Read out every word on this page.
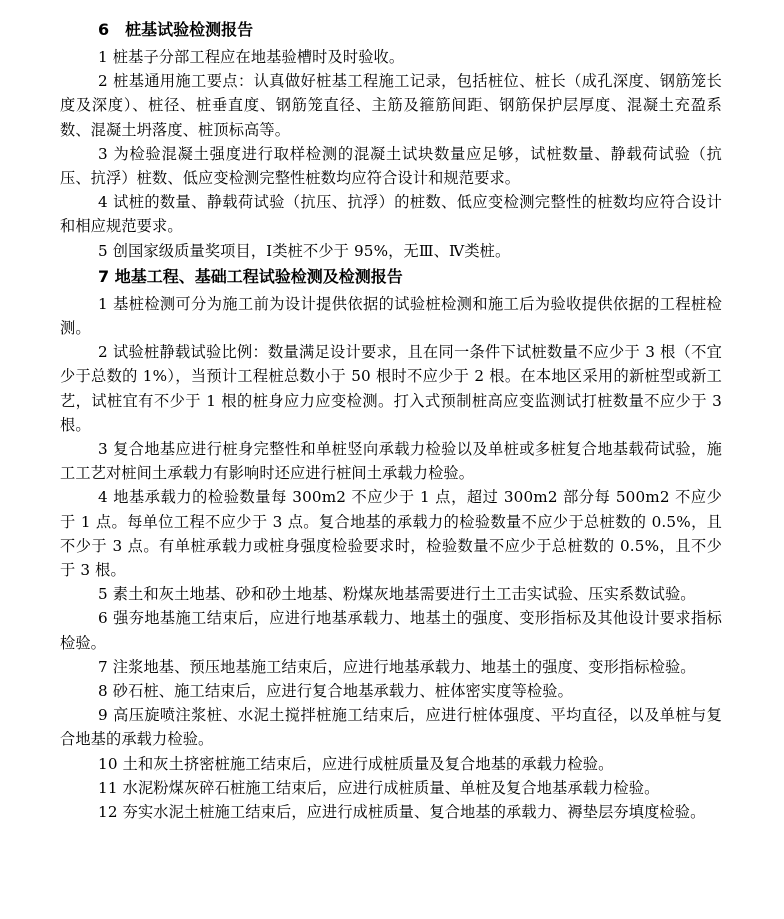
6　桩基试验检测报告

1 桩基子分部工程应在地基验槽时及时验收。

2 桩基通用施工要点：认真做好桩基工程施工记录，包括桩位、桩长（成孔深度、钢筋笼长度及深度）、桩径、桩垂直度、钢筋笼直径、主筋及箍筋间距、钢筋保护层厚度、混凝土充盈系数、混凝土坍落度、桩顶标高等。

3 为检验混凝土强度进行取样检测的混凝土试块数量应足够，试桩数量、静载荷试验（抗压、抗浮）桩数、低应变检测完整性桩数均应符合设计和规范要求。

4 试桩的数量、静载荷试验（抗压、抗浮）的桩数、低应变检测完整性的桩数均应符合设计和相应规范要求。

5 创国家级质量奖项目，Ⅰ类桩不少于 95%，无Ⅲ、Ⅳ类桩。

7 地基工程、基础工程试验检测及检测报告

1 基桩检测可分为施工前为设计提供依据的试验桩检测和施工后为验收提供依据的工程桩检测。

2 试验桩静载试验比例：数量满足设计要求，且在同一条件下试桩数量不应少于 3 根（不宜少于总数的 1%），当预计工程桩总数小于 50 根时不应少于 2 根。在本地区采用的新桩型或新工艺，试桩宜有不少于 1 根的桩身应力应变检测。打入式预制桩高应变监测试打桩数量不应少于 3 根。

3 复合地基应进行桩身完整性和单桩竖向承载力检验以及单桩或多桩复合地基载荷试验，施工工艺对桩间土承载力有影响时还应进行桩间土承载力检验。

4 地基承载力的检验数量每 300m2 不应少于 1 点，超过 300m2 部分每 500m2 不应少于 1 点。每单位工程不应少于 3 点。复合地基的承载力的检验数量不应少于总桩数的 0.5%，且不少于 3 点。有单桩承载力或桩身强度检验要求时，检验数量不应少于总桩数的 0.5%，且不少于 3 根。

5 素土和灰土地基、砂和砂土地基、粉煤灰地基需要进行土工击实试验、压实系数试验。

6 强夯地基施工结束后，应进行地基承载力、地基土的强度、变形指标及其他设计要求指标检验。

7 注浆地基、预压地基施工结束后，应进行地基承载力、地基土的强度、变形指标检验。

8 砂石桩、施工结束后，应进行复合地基承载力、桩体密实度等检验。

9 高压旋喷注浆桩、水泥土搅拌桩施工结束后，应进行桩体强度、平均直径，以及单桩与复合地基的承载力检验。

10 土和灰土挤密桩施工结束后，应进行成桩质量及复合地基的承载力检验。

11 水泥粉煤灰碎石桩施工结束后，应进行成桩质量、单桩及复合地基承载力检验。

12 夯实水泥土桩施工结束后，应进行成桩质量、复合地基的承载力、褥垫层夯填度检验。
